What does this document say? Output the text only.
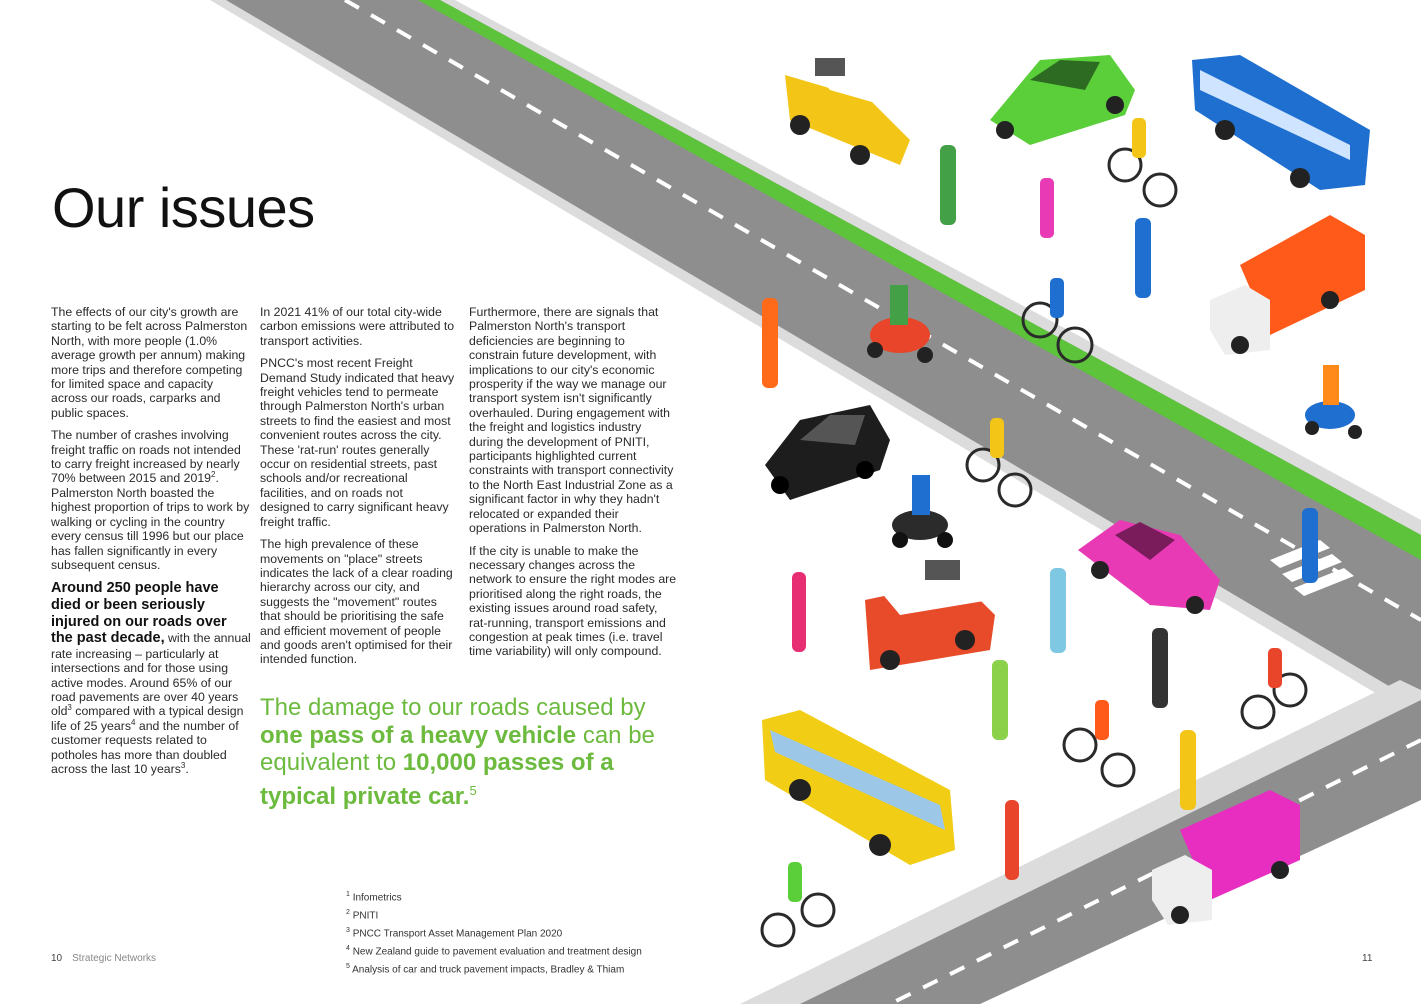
Our issues

The effects of our city's growth are starting to be felt across Palmerston North, with more people (1.0% average growth per annum) making more trips and therefore competing for limited space and capacity across our roads, carparks and public spaces.

The number of crashes involving freight traffic on roads not intended to carry freight increased by nearly 70% between 2015 and 2019$^2$. Palmerston North boasted the highest proportion of trips to work by walking or cycling in the country every census till 1996 but our place has fallen significantly in every subsequent census.

Around 250 people have died or been seriously injured on our roads over the past decade, with the annual rate increasing – particularly at intersections and for those using active modes. Around 65% of our road pavements are over 40 years old$^3$ compared with a typical design life of 25 years$^4$ and the number of customer requests related to potholes has more than doubled across the last 10 years$^3$.

In 2021 41% of our total city-wide carbon emissions were attributed to transport activities.

PNCC's most recent Freight Demand Study indicated that heavy freight vehicles tend to permeate through Palmerston North's urban streets to find the easiest and most convenient routes across the city. These 'rat-run' routes generally occur on residential streets, past schools and/or recreational facilities, and on roads not designed to carry significant heavy freight traffic.

The high prevalence of these movements on "place" streets indicates the lack of a clear roading hierarchy across our city, and suggests the "movement" routes that should be prioritising the safe and efficient movement of people and goods aren't optimised for their intended function.

Furthermore, there are signals that Palmerston North's transport deficiencies are beginning to constrain future development, with implications to our city's economic prosperity if the way we manage our transport system isn't significantly overhauled. During engagement with the freight and logistics industry during the development of PNITI, participants highlighted current constraints with transport connectivity to the North East Industrial Zone as a significant factor in why they hadn't relocated or expanded their operations in Palmerston North.

If the city is unable to make the necessary changes across the network to ensure the right modes are prioritised along the right roads, the existing issues around road safety, rat-running, transport emissions and congestion at peak times (i.e. travel time variability) will only compound.

The damage to our roads caused by one pass of a heavy vehicle can be equivalent to 10,000 passes of a typical private car.$^5$
$^1$ Infometrics
$^2$ PNITI
$^3$ PNCC Transport Asset Management Plan 2020
$^4$ New Zealand guide to pavement evaluation and treatment design
$^5$ Analysis of car and truck pavement impacts, Bradley & Thiam
10 Strategic Networks	11
